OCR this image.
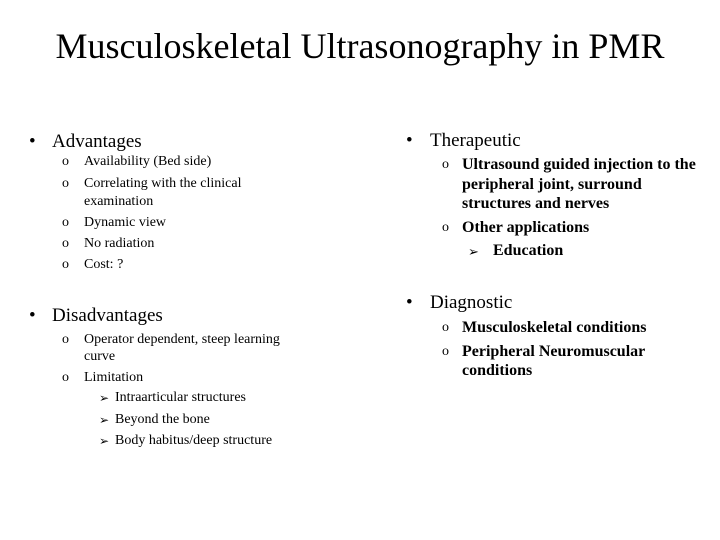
Musculoskeletal Ultrasonography in PMR
• Advantages
o Availability (Bed side)
o Correlating with the clinical
examination
o Dynamic view
o No radiation
o Cost: ?
• Disadvantages
o Operator dependent, steep learning
curve
o Limitation
➢ Intraarticular structures
➢ Beyond the bone
➢ Body habitus/deep structure
• Therapeutic
o Ultrasound guided injection to the
peripheral joint, surround
structures and nerves
o Other applications
➢ Education
• Diagnostic
o Musculoskeletal conditions
o Peripheral Neuromuscular
conditions
